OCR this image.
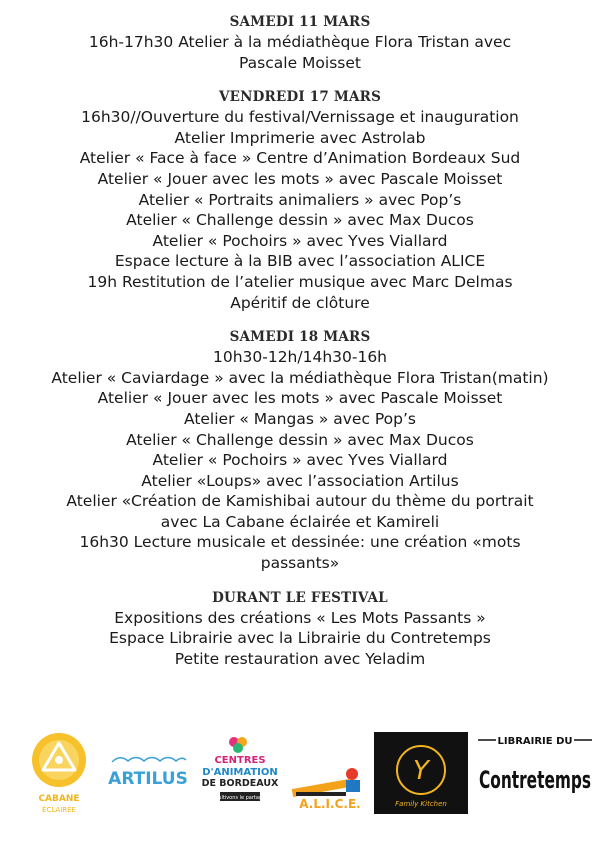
SAMEDI 11 MARS

16h-17h30 Atelier à la médiathèque Flora Tristan avec

Pascale Moisset

VENDREDI 17 MARS

16h30//Ouverture du festival/Vernissage et inauguration

Atelier Imprimerie avec Astrolab

Atelier « Face à face » Centre d’Animation Bordeaux Sud

Atelier « Jouer avec les mots » avec Pascale Moisset

Atelier « Portraits animaliers » avec Pop’s

Atelier « Challenge dessin » avec Max Ducos

Atelier « Pochoirs » avec Yves Viallard

Espace lecture à la BIB avec l’association ALICE

19h Restitution de l’atelier musique avec Marc Delmas

Apéritif de clôture

SAMEDI 18 MARS

10h30-12h/14h30-16h

Atelier « Caviardage » avec la médiathèque Flora Tristan(matin)

Atelier « Jouer avec les mots » avec Pascale Moisset

Atelier « Mangas » avec Pop’s

Atelier « Challenge dessin » avec Max Ducos

Atelier « Pochoirs » avec Yves Viallard

Atelier «Loups» avec l’association Artilus

Atelier «Création de Kamishibai autour du thème du portrait

avec La Cabane éclairée et Kamireli

16h30 Lecture musicale et dessinée: une création «mots

passants»

DURANT LE FESTIVAL

Expositions des créations « Les Mots Passants »

Espace Librairie avec la Librairie du Contretemps

Petite restauration avec Yeladim

CABANE
ÉCLAIRÉE
ARTILUS
CENTRES
D'ANIMATION
DE BORDEAUX
Cultivons le partage	A.L.I.C.E.
Y
Family Kitchen
LIBRAIRIE DU
Contretemps
